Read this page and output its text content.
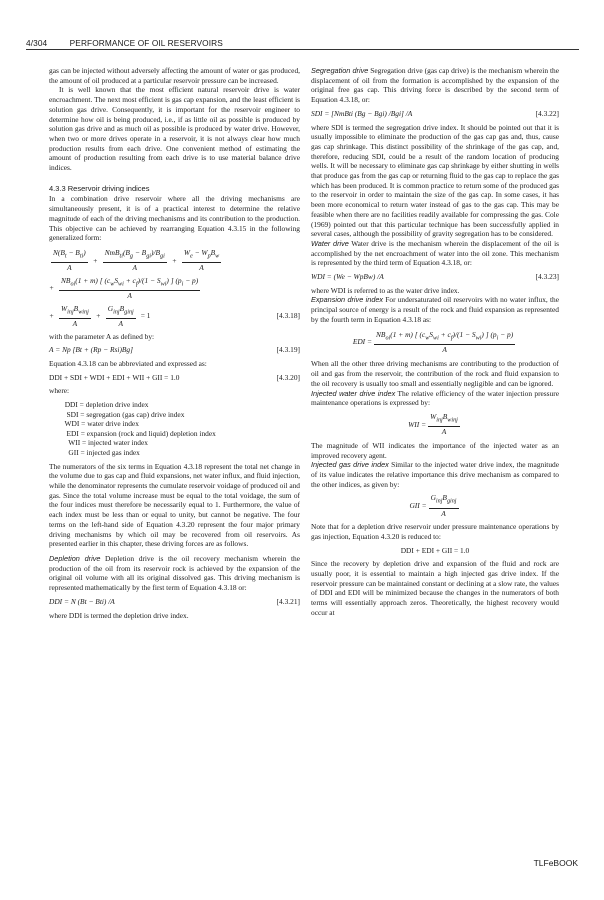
4/304	PERFORMANCE OF OIL RESERVOIRS

gas can be injected without adversely affecting the amount of water or gas produced, the amount of oil produced at a particular reservoir pressure can be increased.

It is well known that the most efficient natural reservoir drive is water encroachment. The next most efficient is gas cap expansion, and the least efficient is solution gas drive. Consequently, it is important for the reservoir engineer to determine how oil is being produced, i.e., if as little oil as possible is produced by solution gas drive and as much oil as possible is produced by water drive. However, when two or more drives operate in a reservoir, it is not always clear how much production results from each drive. One convenient method of estimating the amount of production resulting from each drive is to use material balance drive indices.

4.3.3 Reservoir driving indices

In a combination drive reservoir where all the driving mechanisms are simultaneously present, it is of a practical interest to determine the relative magnitude of each of the driving mechanisms and its contribution to the production. This objective can be achieved by rearranging Equation 4.3.15 in the following generalized form:

$\frac{N(B_t - B_{ti})}{A} + \frac{NmB_{ti}(B_g - B_{gi})/B_{gi}}{A} + \frac{W_e - W_pB_w}{A}$
+ $\frac{NB_{oi}(1 + m) [ (c_wS_{wi} + c_f)/(1 - S_{wi}) ] (p_i - p)}{A}$
+ $\frac{W_{inj}B_{winj}}{A} + \frac{G_{inj}B_{ginj}}{A} = 1$	[4.3.18]

with the parameter A as defined by:

A = Np [Bt + (Rp − Rsi)Bg]	[4.3.19]

Equation 4.3.18 can be abbreviated and expressed as:

DDI + SDI + WDI + EDI + WII + GII = 1.0	[4.3.20]

where:

DDI = depletion drive index
SDI = segregation (gas cap) drive index
WDI = water drive index
EDI = expansion (rock and liquid) depletion index
WII = injected water index
GII = injected gas index

The numerators of the six terms in Equation 4.3.18 represent the total net change in the volume due to gas cap and fluid expansions, net water influx, and fluid injection, while the denominator represents the cumulate reservoir voidage of produced oil and gas. Since the total volume increase must be equal to the total voidage, the sum of the four indices must therefore be necessarily equal to 1. Furthermore, the value of each index must be less than or equal to unity, but cannot be negative. The four terms on the left-hand side of Equation 4.3.20 represent the four major primary driving mechanisms by which oil may be recovered from oil reservoirs. As presented earlier in this chapter, these driving forces are as follows.

Depletion drive Depletion drive is the oil recovery mechanism wherein the production of the oil from its reservoir rock is achieved by the expansion of the original oil volume with all its original dissolved gas. This driving mechanism is represented mathematically by the first term of Equation 4.3.18 or:

DDI = N (Bt − Bti) /A	[4.3.21]

where DDI is termed the depletion drive index.

Segregation drive Segregation drive (gas cap drive) is the mechanism wherein the displacement of oil from the formation is accomplished by the expansion of the original free gas cap. This driving force is described by the second term of Equation 4.3.18, or:

SDI = [NmBti (Bg − Bgi) /Bgi] /A	[4.3.22]

where SDI is termed the segregation drive index. It should be pointed out that it is usually impossible to eliminate the production of the gas cap gas and, thus, cause gas cap shrinkage. This distinct possibility of the shrinkage of the gas cap, and, therefore, reducing SDI, could be a result of the random location of producing wells. It will be necessary to eliminate gas cap shrinkage by either shutting in wells that produce gas from the gas cap or returning fluid to the gas cap to replace the gas which has been produced. It is common practice to return some of the produced gas to the reservoir in order to maintain the size of the gas cap. In some cases, it has been more economical to return water instead of gas to the gas cap. This may be feasible when there are no facilities readily available for compressing the gas. Cole (1969) pointed out that this particular technique has been successfully applied in several cases, although the possibility of gravity segregation has to be considered.

Water drive Water drive is the mechanism wherein the displacement of the oil is accomplished by the net encroachment of water into the oil zone. This mechanism is represented by the third term of Equation 4.3.18, or:

WDI = (We − WpBw) /A	[4.3.23]

where WDI is referred to as the water drive index.

Expansion drive index For undersaturated oil reservoirs with no water influx, the principal source of energy is a result of the rock and fluid expansion as represented by the fourth term in Equation 4.3.18 as:

EDI = $\frac{NB_{oi}(1 + m) [ (c_wS_{wi} + c_f)/(1 - S_{wi}) ] (p_i - p)}{A}$

When all the other three driving mechanisms are contributing to the production of oil and gas from the reservoir, the contribution of the rock and fluid expansion to the oil recovery is usually too small and essentially negligible and can be ignored.

Injected water drive index The relative efficiency of the water injection pressure maintenance operations is expressed by:

WII = $\frac{W_{inj}B_{winj}}{A}$

The magnitude of WII indicates the importance of the injected water as an improved recovery agent.

Injected gas drive index Similar to the injected water drive index, the magnitude of its value indicates the relative importance this drive mechanism as compared to the other indices, as given by:

GII = $\frac{G_{inj}B_{ginj}}{A}$

Note that for a depletion drive reservoir under pressure maintenance operations by gas injection, Equation 4.3.20 is reduced to:

DDI + EDI + GII = 1.0

Since the recovery by depletion drive and expansion of the fluid and rock are usually poor, it is essential to maintain a high injected gas drive index. If the reservoir pressure can be maintained constant or declining at a slow rate, the values of DDI and EDI will be minimized because the changes in the numerators of both terms will essentially approach zeros. Theoretically, the highest recovery would occur at

TLFeBOOK
